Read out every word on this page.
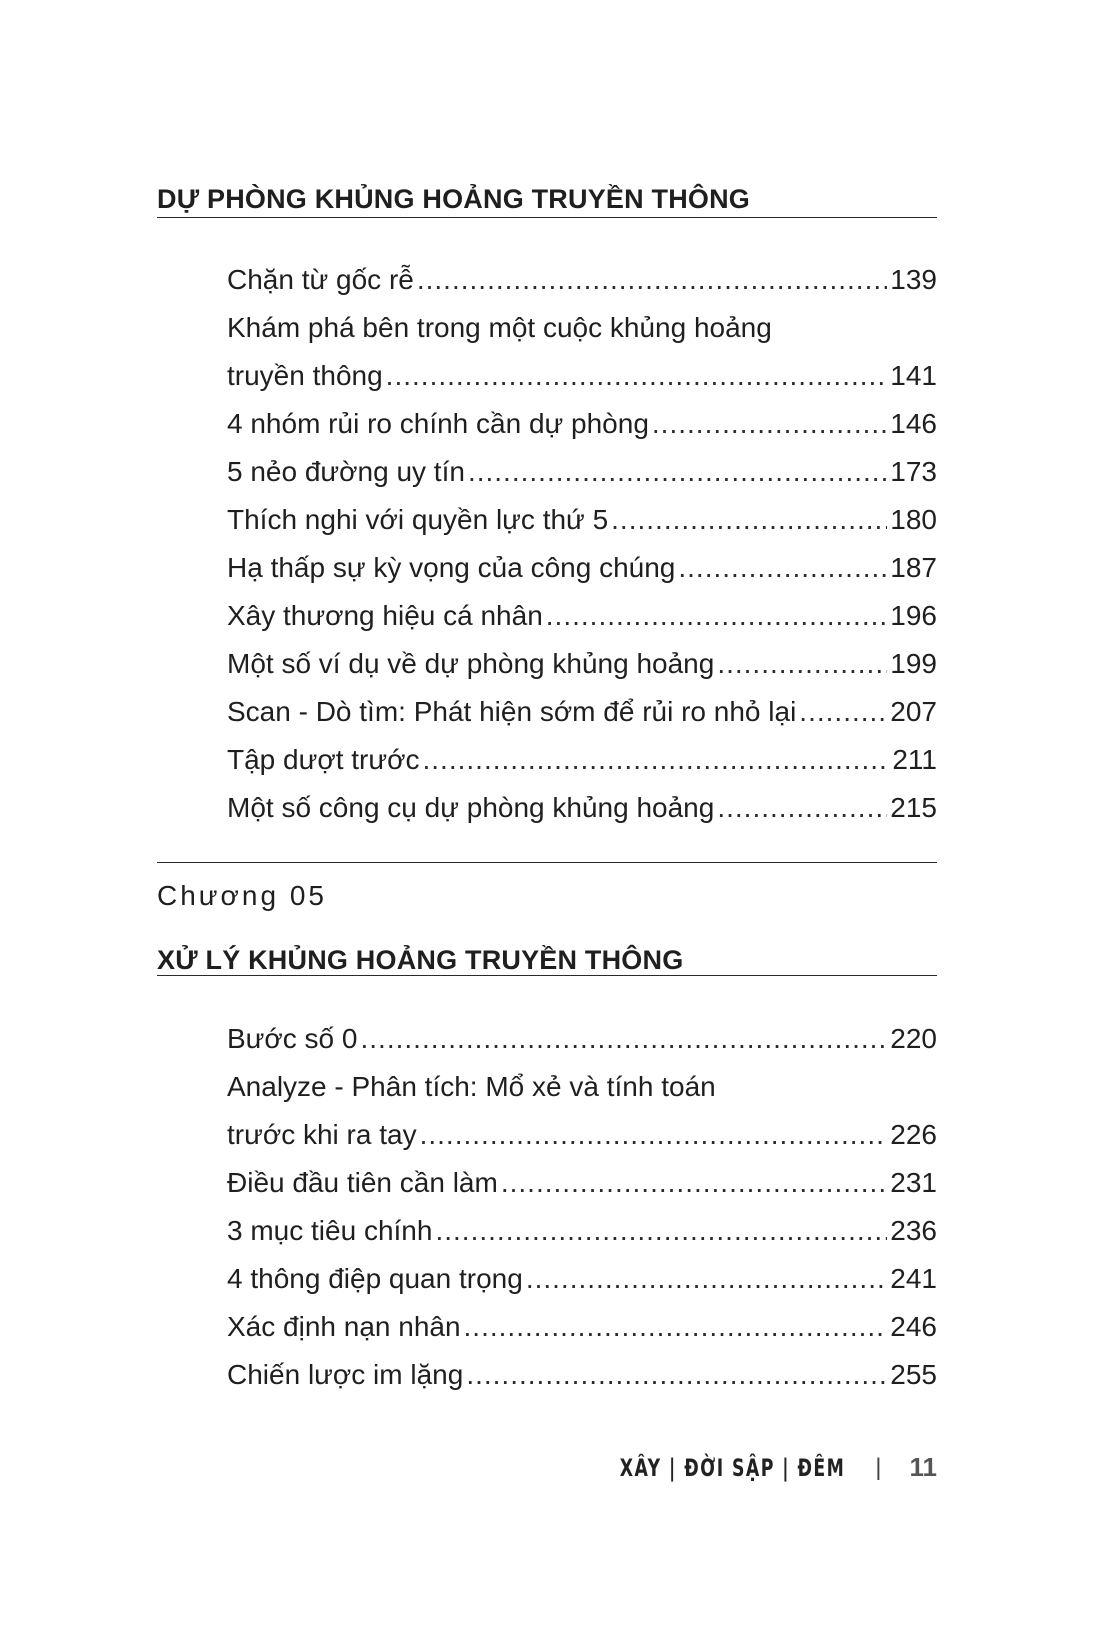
DỰ PHÒNG KHỦNG HOẢNG TRUYỀN THÔNG
Chặn từ gốc rễ .....	139
Khám phá bên trong một cuộc khủng hoảng
truyền thông .....	141
4 nhóm rủi ro chính cần dự phòng .....	146
5 nẻo đường uy tín .....	173
Thích nghi với quyền lực thứ 5 .....	180
Hạ thấp sự kỳ vọng của công chúng .....	187
Xây thương hiệu cá nhân .....	196
Một số ví dụ về dự phòng khủng hoảng .....	199
Scan - Dò tìm: Phát hiện sớm để rủi ro nhỏ lại .....	207
Tập dượt trước .....	211
Một số công cụ dự phòng khủng hoảng .....	215
Chương 05
XỬ LÝ KHỦNG HOẢNG TRUYỀN THÔNG
Bước số 0 .....	220
Analyze - Phân tích: Mổ xẻ và tính toán
trước khi ra tay .....	226
Điều đầu tiên cần làm .....	231
3 mục tiêu chính .....	236
4 thông điệp quan trọng .....	241
Xác định nạn nhân .....	246
Chiến lược im lặng .....	255
XÂY | ĐỜI SẬP | ĐÊM | 11
